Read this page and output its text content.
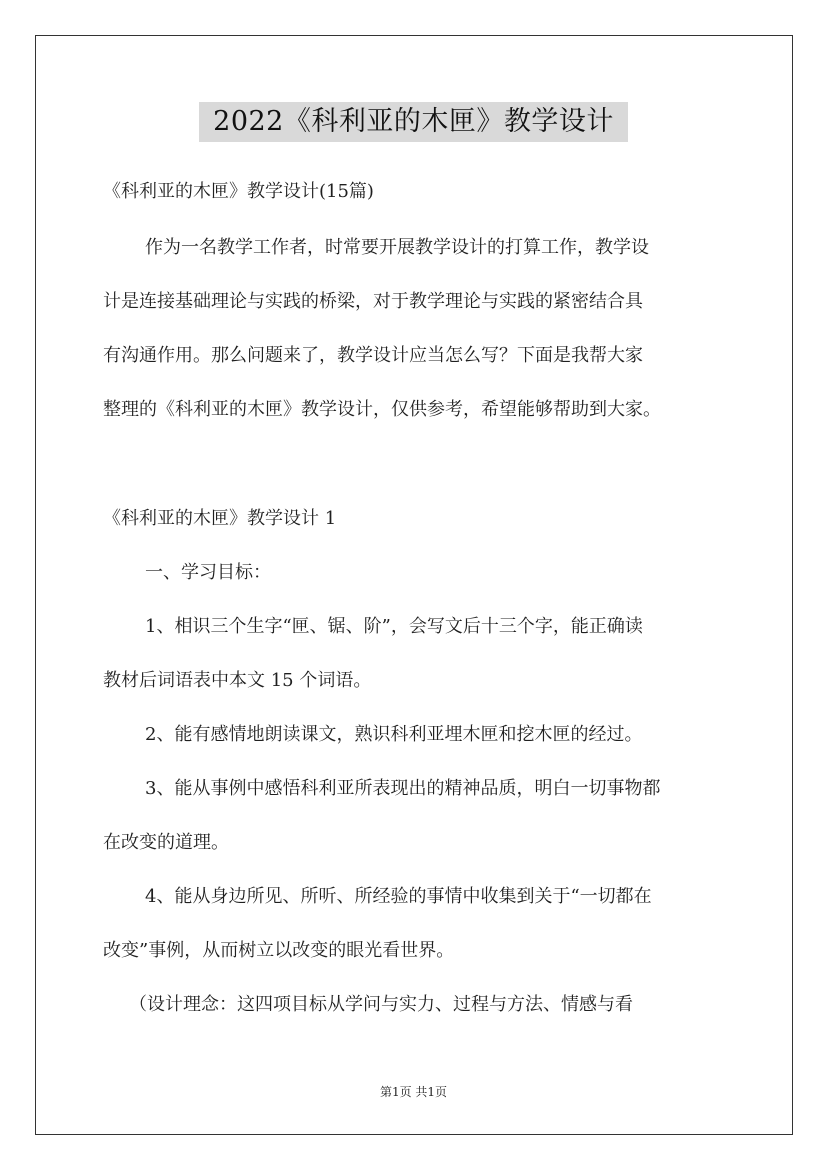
2022《科利亚的木匣》教学设计
《科利亚的木匣》教学设计(15篇)
作为一名教学工作者，时常要开展教学设计的打算工作，教学设
计是连接基础理论与实践的桥梁，对于教学理论与实践的紧密结合具
有沟通作用。那么问题来了，教学设计应当怎么写？下面是我帮大家
整理的《科利亚的木匣》教学设计，仅供参考，希望能够帮助到大家。
《科利亚的木匣》教学设计 1
一、学习目标：
1、相识三个生字“匣、锯、阶”，会写文后十三个字，能正确读
教材后词语表中本文 15 个词语。
2、能有感情地朗读课文，熟识科利亚埋木匣和挖木匣的经过。
3、能从事例中感悟科利亚所表现出的精神品质，明白一切事物都
在改变的道理。
4、能从身边所见、所听、所经验的事情中收集到关于“一切都在
改变”事例，从而树立以改变的眼光看世界。
（设计理念：这四项目标从学问与实力、过程与方法、情感与看
第1页 共1页
